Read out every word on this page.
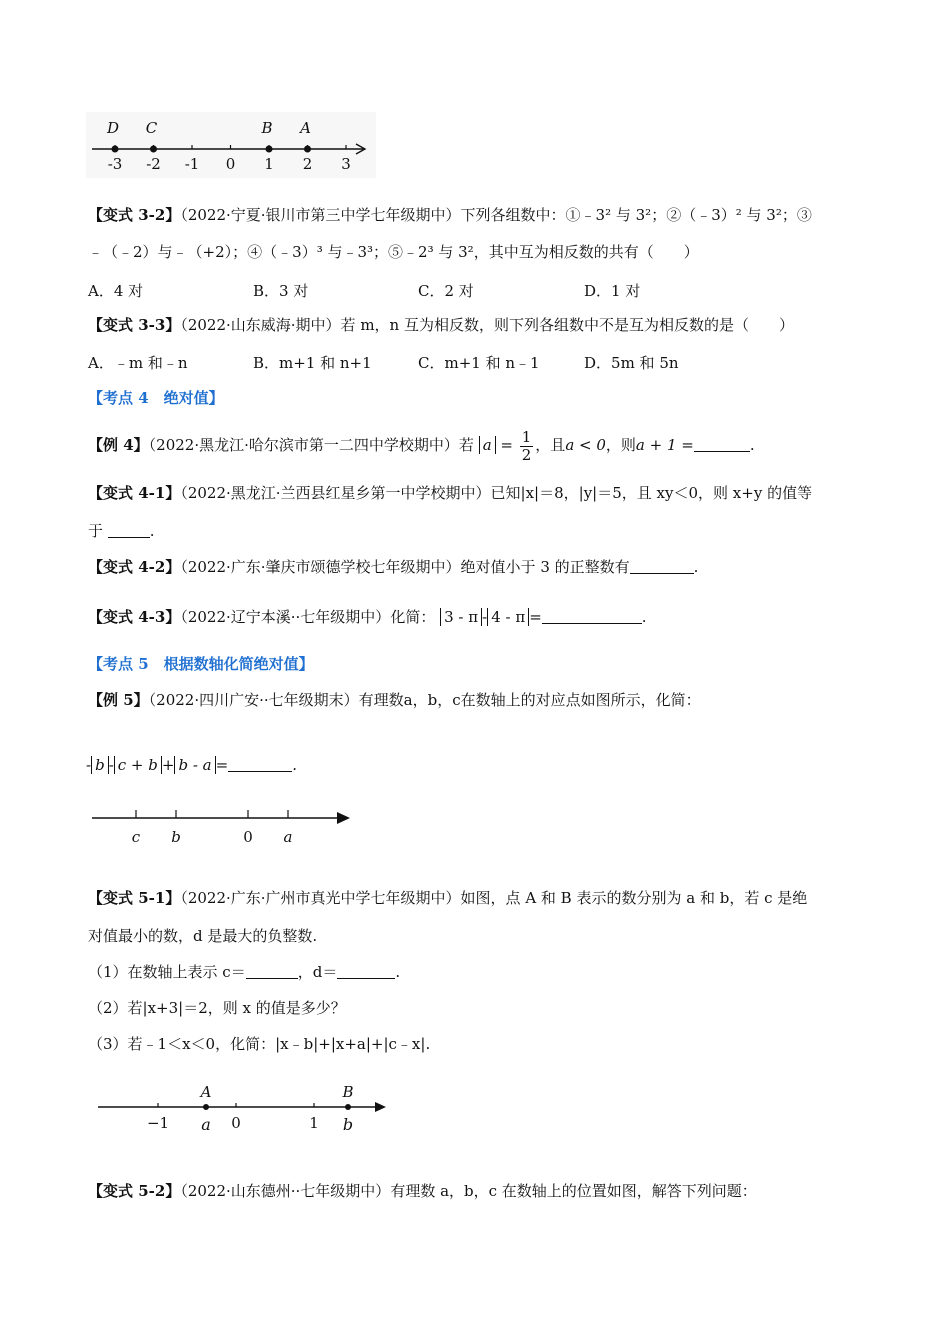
-3 -2 -1 0 1 2 3
D C	B A
【变式 3-2】（2022·宁夏·银川市第三中学七年级期中）下列各组数中：①﹣3² 与 3²；②（﹣3）² 与 3²；③
﹣（﹣2）与﹣（+2）；④（﹣3）³ 与﹣3³；⑤﹣2³ 与 3²，其中互为相反数的共有（　　）
A．4 对	B．3 对	C．2 对	D．1 对
【变式 3-3】（2022·山东威海·期中）若 m，n 互为相反数，则下列各组数中不是互为相反数的是（　　）
A．﹣m 和﹣n	B．m+1 和 n+1	C．m+1 和 n﹣1	D．5m 和 5n
【考点 4　绝对值】
【例 4】（2022·黑龙江·哈尔滨市第一二四中学校期中）若 $a = \frac{1}{2}$ ，且a < 0，则a + 1 =	.
【变式 4-1】（2022·黑龙江·兰西县红星乡第一中学校期中）已知|x|＝8，|y|＝5，且 xy＜0，则 x+y 的值等
于	.
【变式 4-2】（2022·广东·肇庆市颂德学校七年级期中）绝对值小于 3 的正整数有	.
【变式 4-3】（2022·辽宁本溪··七年级期中）化简： 3 - π - 4 - π =	.
【考点 5　根据数轴化简绝对值】
【例 5】（2022·四川广安··七年级期末）有理数a，b，c在数轴上的对应点如图所示，化简：
- b - c + b + b - a =	.
c b	0 a
【变式 5-1】（2022·广东·广州市真光中学七年级期中）如图，点 A 和 B 表示的数分别为 a 和 b，若 c 是绝
对值最小的数，d 是最大的负整数.
（1）在数轴上表示 c＝	，d＝	.
（2）若|x+3|＝2，则 x 的值是多少？
（3）若﹣1＜x＜0，化简：|x﹣b|+|x+a|+|c﹣x|.
−1	0	1
A
a
B
b
【变式 5-2】（2022·山东德州··七年级期中）有理数 a，b，c 在数轴上的位置如图，解答下列问题：
